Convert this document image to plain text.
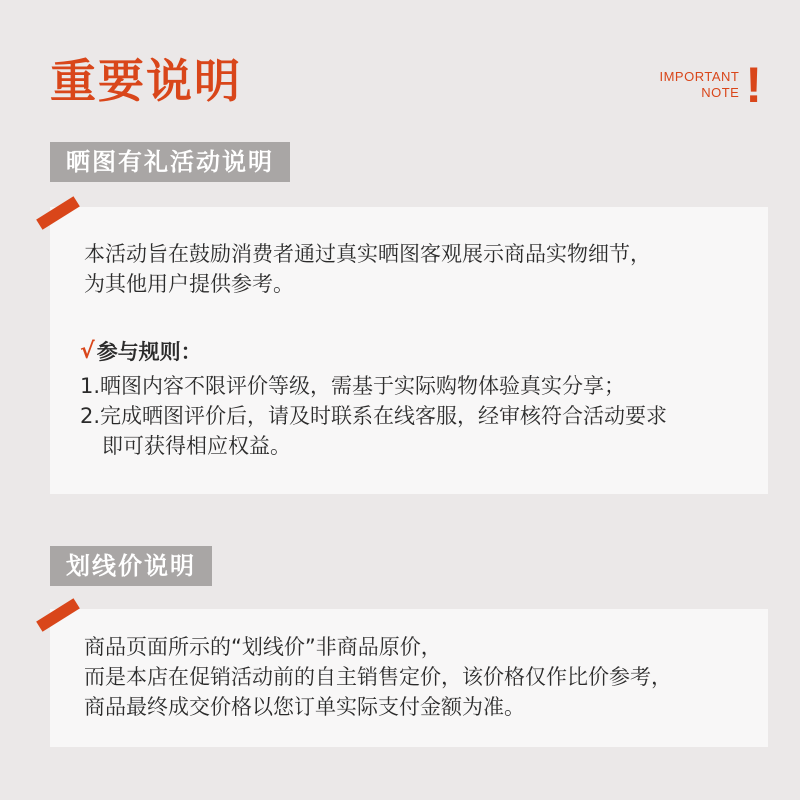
重要说明	IMPORTANT
NOTE !
晒图有礼活动说明
本活动旨在鼓励消费者通过真实晒图客观展示商品实物细节，
为其他用户提供参考。
√ 参与规则：
1.晒图内容不限评价等级，需基于实际购物体验真实分享；
2.完成晒图评价后，请及时联系在线客服，经审核符合活动要求
即可获得相应权益。
划线价说明
商品页面所示的“划线价”非商品原价，
而是本店在促销活动前的自主销售定价，该价格仅作比价参考，
商品最终成交价格以您订单实际支付金额为准。
